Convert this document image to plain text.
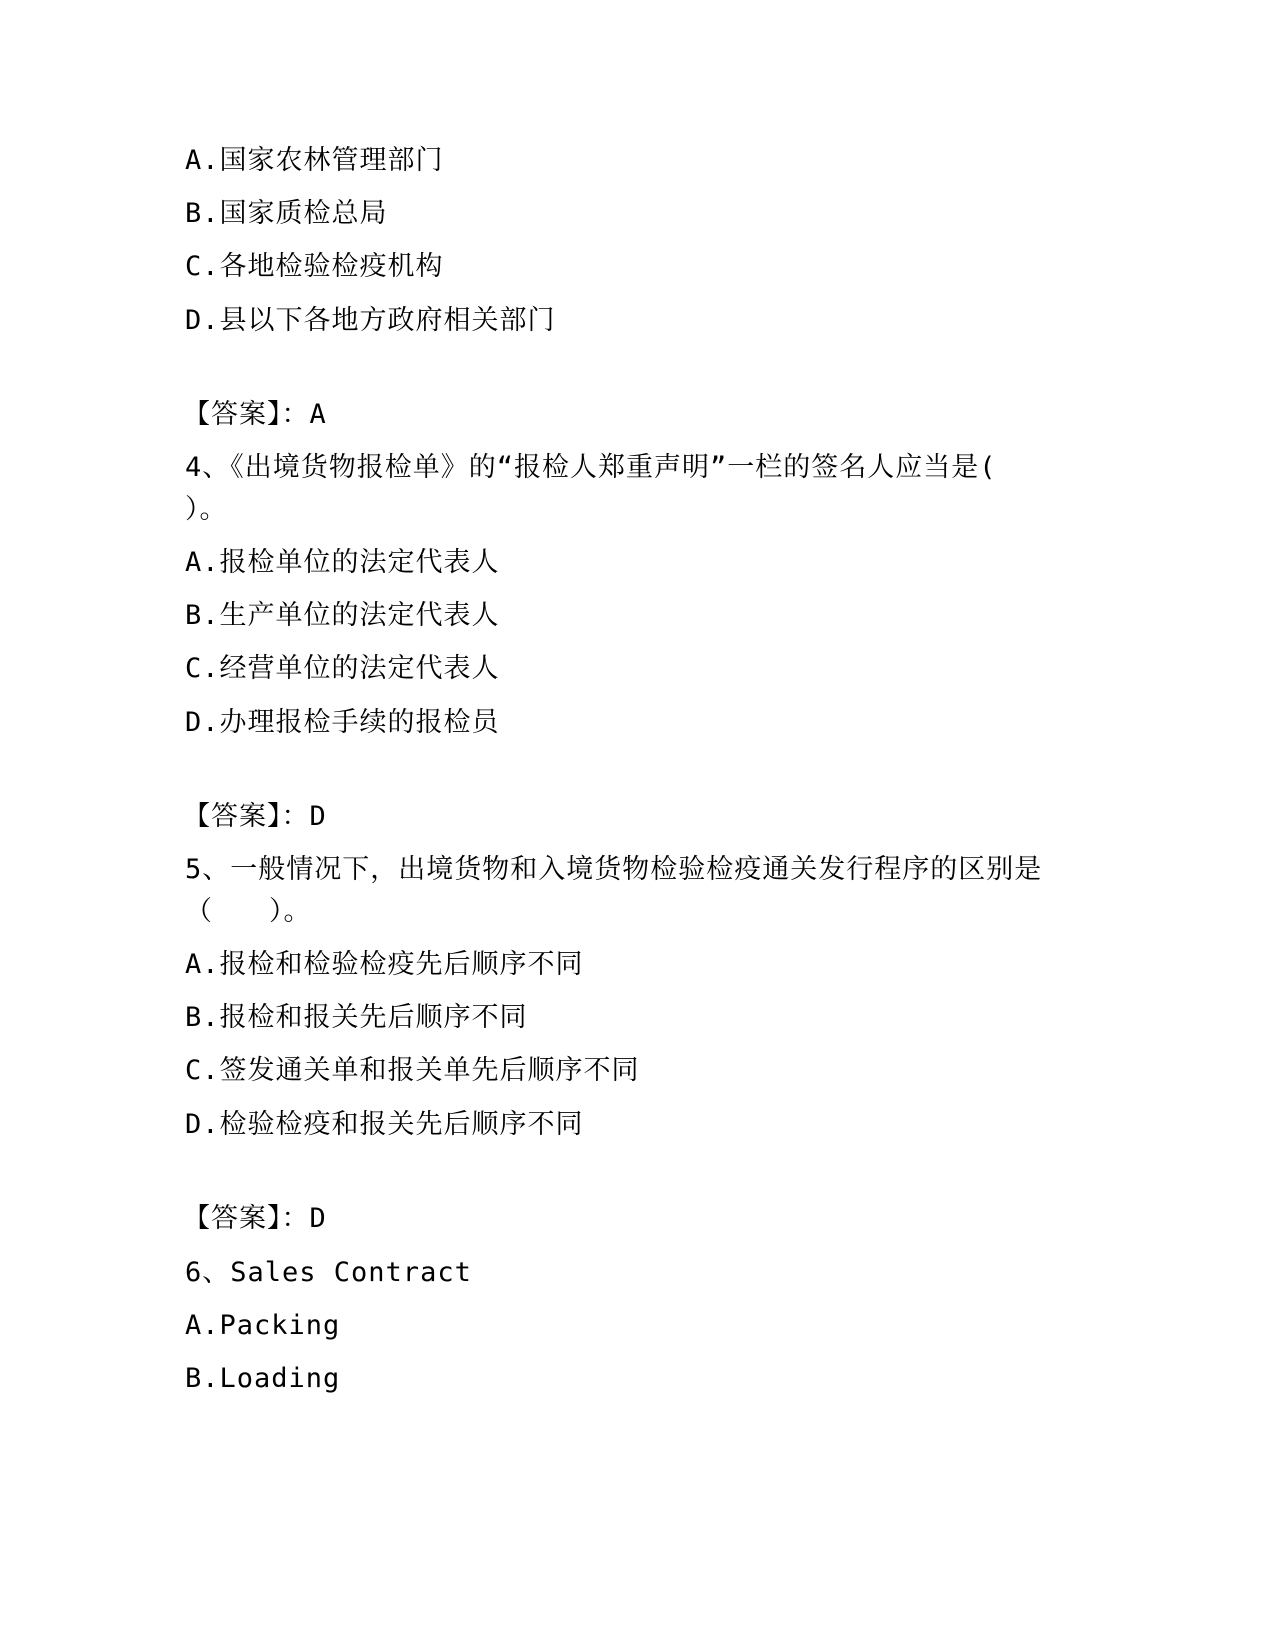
A.国家农林管理部门
B.国家质检总局
C.各地检验检疫机构
D.县以下各地方政府相关部门
【答案】：A
4、《出境货物报检单》的“报检人郑重声明”一栏的签名人应当是(
）。
A.报检单位的法定代表人
B.生产单位的法定代表人
C.经营单位的法定代表人
D.办理报检手续的报检员
【答案】：D
5、一般情况下，出境货物和入境货物检验检疫通关发行程序的区别是
（　　）。
A.报检和检验检疫先后顺序不同
B.报检和报关先后顺序不同
C.签发通关单和报关单先后顺序不同
D.检验检疫和报关先后顺序不同
【答案】：D
6、Sales Contract
A.Packing
B.Loading
